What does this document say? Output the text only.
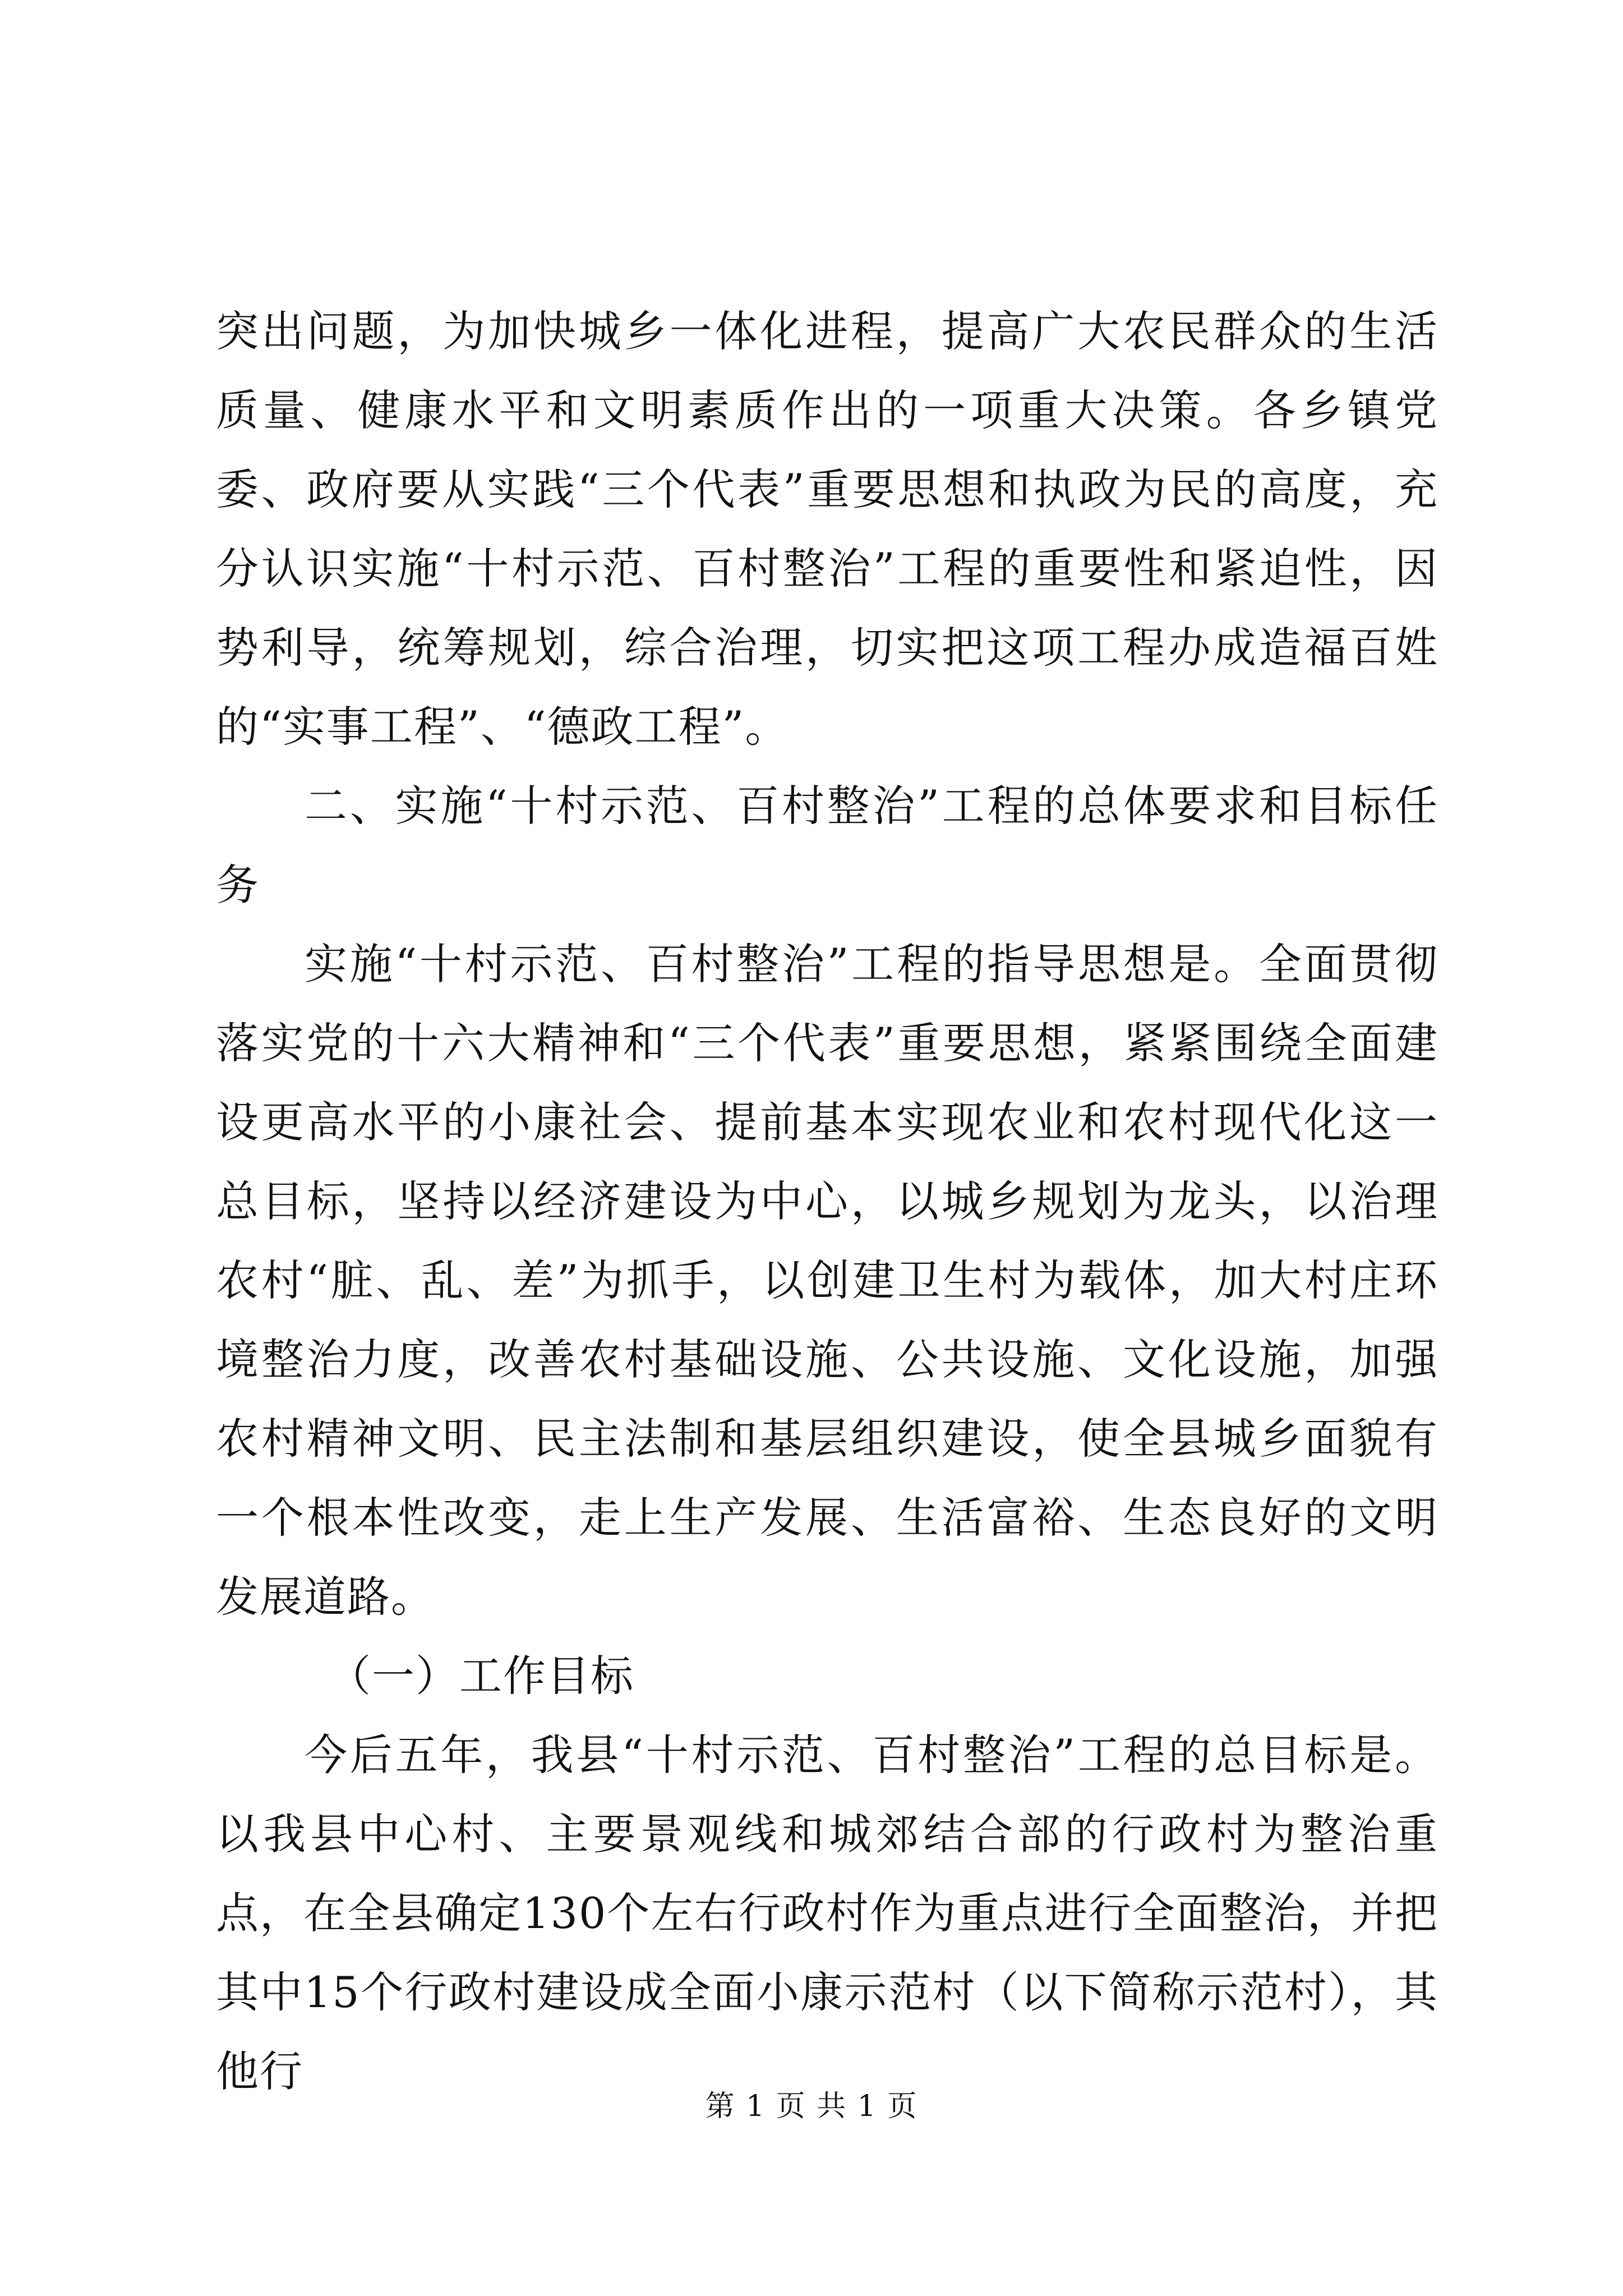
突出问题，为加快城乡一体化进程，提高广大农民群众的生活质量、健康水平和文明素质作出的一项重大决策。各乡镇党委、政府要从实践“三个代表”重要思想和执政为民的高度，充分认识实施“十村示范、百村整治”工程的重要性和紧迫性，因势利导，统筹规划，综合治理，切实把这项工程办成造福百姓的“实事工程”、“德政工程”。

二、实施“十村示范、百村整治”工程的总体要求和目标任务

实施“十村示范、百村整治”工程的指导思想是。全面贯彻落实党的十六大精神和“三个代表”重要思想，紧紧围绕全面建设更高水平的小康社会、提前基本实现农业和农村现代化这一总目标，坚持以经济建设为中心，以城乡规划为龙头，以治理农村“脏、乱、差”为抓手，以创建卫生村为载体，加大村庄环境整治力度，改善农村基础设施、公共设施、文化设施，加强农村精神文明、民主法制和基层组织建设，使全县城乡面貌有一个根本性改变，走上生产发展、生活富裕、生态良好的文明发展道路。

（一）工作目标

今后五年，我县“十村示范、百村整治”工程的总目标是。以我县中心村、主要景观线和城郊结合部的行政村为整治重点，在全县确定130个左右行政村作为重点进行全面整治，并把其中15个行政村建设成全面小康示范村（以下简称示范村），其他行

第 1 页 共 1 页
